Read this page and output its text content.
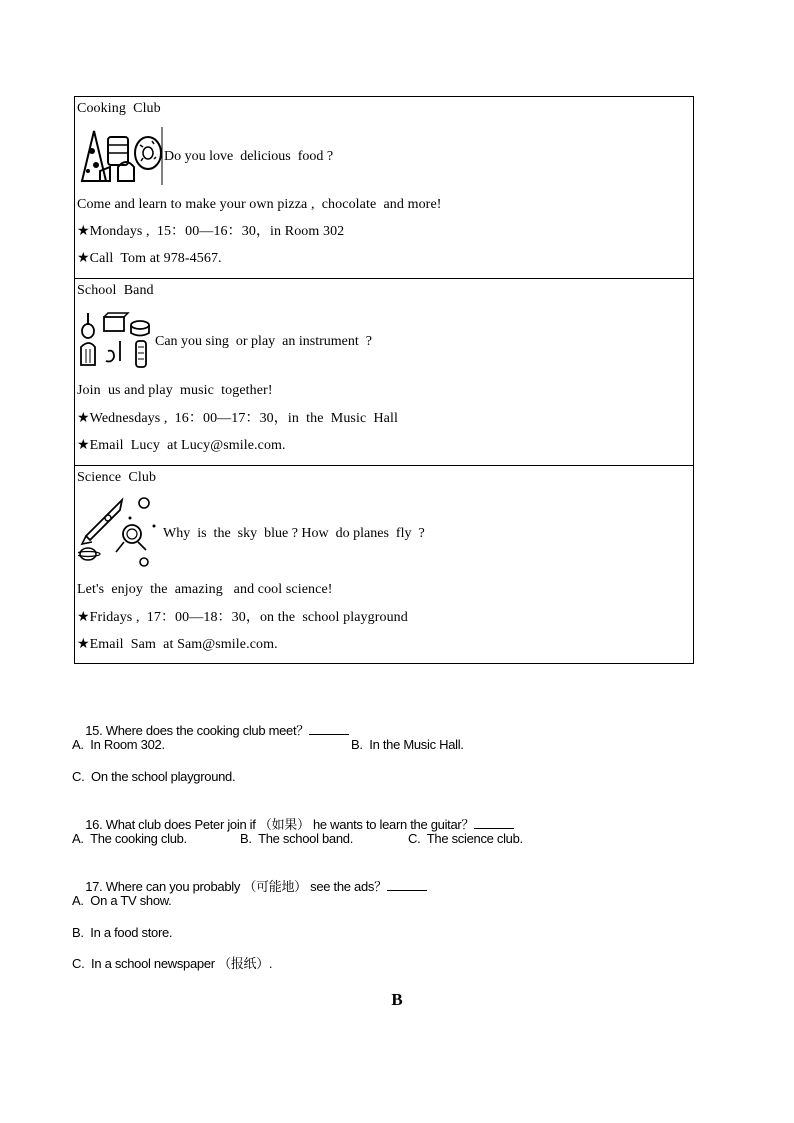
Cooking  Club
Do you love  delicious  food ?
Come and learn to make your own pizza ,  chocolate  and more!
★Mondays ,  15：00—16：30，in Room 302
★Call  Tom at 978-4567.
School  Band
Can you sing  or play  an instrument  ?
Join  us and play  music  together!
★Wednesdays ,  16：00—17：30，in  the  Music  Hall
★Email  Lucy  at Lucy@smile.com.
Science  Club
Why  is  the  sky  blue ? How  do planes  fly  ?
Let's  enjoy  the  amazing   and cool science!
★Fridays ,  17：00—18：30，on the  school playground
★Email  Sam  at Sam@smile.com.

15. Where does the cooking club meet？

A.  In Room 302.	B.  In the Music Hall.
C.  On the school playground.

16. What club does Peter join if （如果） he wants to learn the guitar？

A.  The cooking club.	B.  The school band.	C.  The science club.

17. Where can you probably （可能地） see the ads？

A.  On a TV show.
B.  In a food store.
C.  In a school newspaper （报纸）.
B
